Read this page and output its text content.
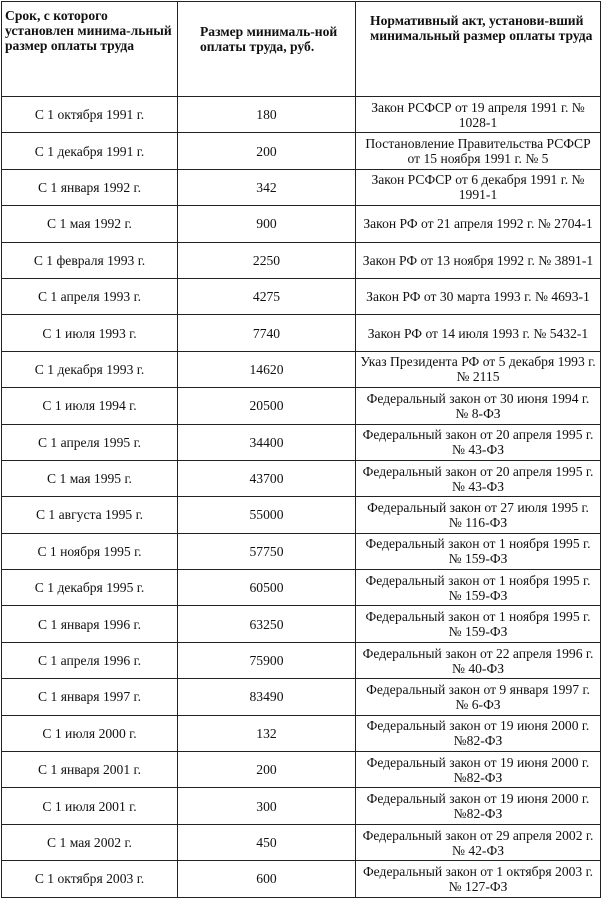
Срок, с которого установлен минима-льный размер оплаты труда	Размер минималь-ной оплаты труда, руб.	Нормативный акт, установи-вший минимальный размер оплаты труда
С 1 октября 1991 г.	180	Закон РСФСР от 19 апреля 1991 г. № 1028-1
С 1 декабря 1991 г.	200	Постановление Правительства РСФСР от 15 ноября 1991 г. № 5
С 1 января 1992 г.	342	Закон РСФСР от 6 декабря 1991 г. № 1991-1
С 1 мая 1992 г.	900	Закон РФ от 21 апреля 1992 г. № 2704-1
С 1 февраля 1993 г.	2250	Закон РФ от 13 ноября 1992 г. № 3891-1
С 1 апреля 1993 г.	4275	Закон РФ от 30 марта 1993 г. № 4693-1
С 1 июля 1993 г.	7740	Закон РФ от 14 июля 1993 г. № 5432-1
С 1 декабря 1993 г.	14620	Указ Президента РФ от 5 декабря 1993 г. № 2115
С 1 июля 1994 г.	20500	Федеральный закон от 30 июня 1994 г. № 8-ФЗ
С 1 апреля 1995 г.	34400	Федеральный закон от 20 апреля 1995 г. № 43-ФЗ
С 1 мая 1995 г.	43700	Федеральный закон от 20 апреля 1995 г. № 43-ФЗ
С 1 августа 1995 г.	55000	Федеральный закон от 27 июля 1995 г. № 116-ФЗ
С 1 ноября 1995 г.	57750	Федеральный закон от 1 ноября 1995 г. № 159-ФЗ
С 1 декабря 1995 г.	60500	Федеральный закон от 1 ноября 1995 г. № 159-ФЗ
С 1 января 1996 г.	63250	Федеральный закон от 1 ноября 1995 г. № 159-ФЗ
С 1 апреля 1996 г.	75900	Федеральный закон от 22 апреля 1996 г. № 40-ФЗ
С 1 января 1997 г.	83490	Федеральный закон от 9 января 1997 г. № 6-ФЗ
С 1 июля 2000 г.	132	Федеральный закон от 19 июня 2000 г. №82-ФЗ
С 1 января 2001 г.	200	Федеральный закон от 19 июня 2000 г. №82-ФЗ
С 1 июля 2001 г.	300	Федеральный закон от 19 июня 2000 г. №82-ФЗ
С 1 мая 2002 г.	450	Федеральный закон от 29 апреля 2002 г. № 42-ФЗ
С 1 октября 2003 г.	600	Федеральный закон от 1 октября 2003 г. № 127-ФЗ
